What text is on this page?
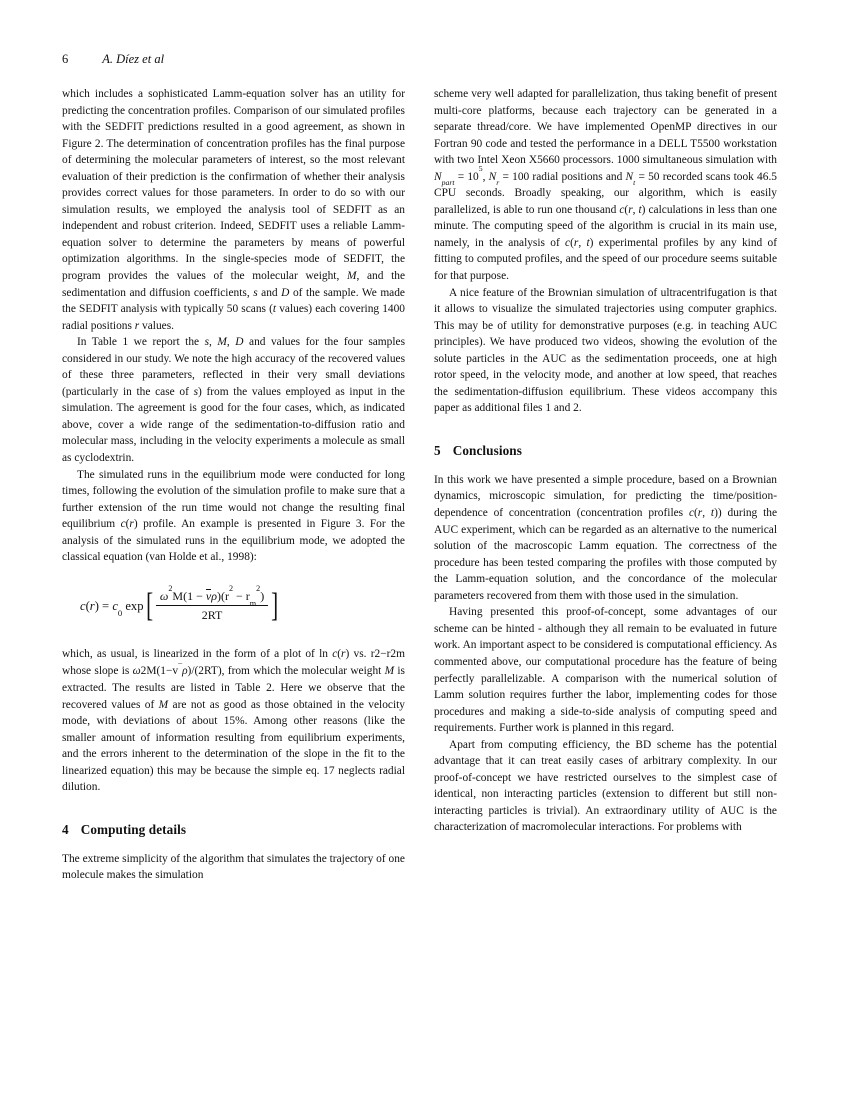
6	A. Díez et al

which includes a sophisticated Lamm-equation solver has an utility for predicting the concentration profiles. Comparison of our simulated profiles with the SEDFIT predictions resulted in a good agreement, as shown in Figure 2. The determination of concentration profiles has the final purpose of determining the molecular parameters of interest, so the most relevant evaluation of their prediction is the confirmation of whether their analysis provides correct values for those parameters. In order to do so with our simulation results, we employed the analysis tool of SEDFIT as an independent and robust criterion. Indeed, SEDFIT uses a reliable Lamm-equation solver to determine the parameters by means of powerful optimization algorithms. In the single-species mode of SEDFIT, the program provides the values of the molecular weight, M, and the sedimentation and diffusion coefficients, s and D of the sample. We made the SEDFIT analysis with typically 50 scans (t values) each covering 1400 radial positions r values.

In Table 1 we report the s, M, D and values for the four samples considered in our study. We note the high accuracy of the recovered values of these three parameters, reflected in their very small deviations (particularly in the case of s) from the values employed as input in the simulation. The agreement is good for the four cases, which, as indicated above, cover a wide range of the sedimentation-to-diffusion ratio and molecular mass, including in the velocity experiments a molecule as small as cyclodextrin.

The simulated runs in the equilibrium mode were conducted for long times, following the evolution of the simulation profile to make sure that a further extension of the run time would not change the resulting final equilibrium c(r) profile. An example is presented in Figure 3. For the analysis of the simulated runs in the equilibrium mode, we adopted the classical equation (van Holde et al., 1998):

$c(r) = c_0$ $\exp[ \frac{\omega^2M(1 - \nu\rho)(r^2 - r_m^2)}{2RT}$ ]

which, as usual, is linearized in the form of a plot of ln c(r) vs. r2−r2m whose slope is ω2M(1−v¯ρ)/(2RT), from which the molecular weight M is extracted. The results are listed in Table 2. Here we observe that the recovered values of M are not as good as those obtained in the velocity mode, with deviations of about 15%. Among other reasons (like the smaller amount of information resulting from equilibrium experiments, and the errors inherent to the determination of the slope in the fit to the linearized equation) this may be because the simple eq. 17 neglects radial dilution.

4 Computing details

The extreme simplicity of the algorithm that simulates the trajectory of one molecule makes the simulation

scheme very well adapted for parallelization, thus taking benefit of present multi-core platforms, because each trajectory can be generated in a separate thread/core. We have implemented OpenMP directives in our Fortran 90 code and tested the performance in a DELL T5500 workstation with two Intel Xeon X5660 processors. 1000 simultaneous simulation with $N_{part} = 10^5$, $N_r = 100$ radial positions and $N_t = 50$ recorded scans took 46.5 CPU seconds. Broadly speaking, our algorithm, which is easily parallelized, is able to run one thousand c(r, t) calculations in less than one minute. The computing speed of the algorithm is crucial in its main use, namely, in the analysis of c(r, t) experimental profiles by any kind of fitting to computed profiles, and the speed of our procedure seems suitable for that purpose.

A nice feature of the Brownian simulation of ultracentrifugation is that it allows to visualize the simulated trajectories using computer graphics. This may be of utility for demonstrative purposes (e.g. in teaching AUC principles). We have produced two videos, showing the evolution of the solute particles in the AUC as the sedimentation proceeds, one at high rotor speed, in the velocity mode, and another at low speed, that reaches the sedimentation-diffusion equilibrium. These videos accompany this paper as additional files 1 and 2.

5 Conclusions

In this work we have presented a simple procedure, based on a Brownian dynamics, microscopic simulation, for predicting the time/position-dependence of concentration (concentration profiles c(r, t)) during the AUC experiment, which can be regarded as an alternative to the numerical solution of the macroscopic Lamm equation. The correctness of the procedure has been tested comparing the profiles with those computed by the Lamm-equation solution, and the concordance of the molecular parameters recovered from them with those used in the simulation.

Having presented this proof-of-concept, some advantages of our scheme can be hinted - although they all remain to be evaluated in future work. An important aspect to be considered is computational efficiency. As commented above, our computational procedure has the feature of being perfectly parallelizable. A comparison with the numerical solution of Lamm solution requires further the labor, implementing codes for those procedures and making a side-to-side analysis of computing speed and requirements. Further work is planned in this regard.

Apart from computing efficiency, the BD scheme has the potential advantage that it can treat easily cases of arbitrary complexity. In our proof-of-concept we have restricted ourselves to the simplest case of identical, non interacting particles (extension to different but still non-interacting particles is trivial). An extraordinary utility of AUC is the characterization of macromolecular interactions. For problems with
